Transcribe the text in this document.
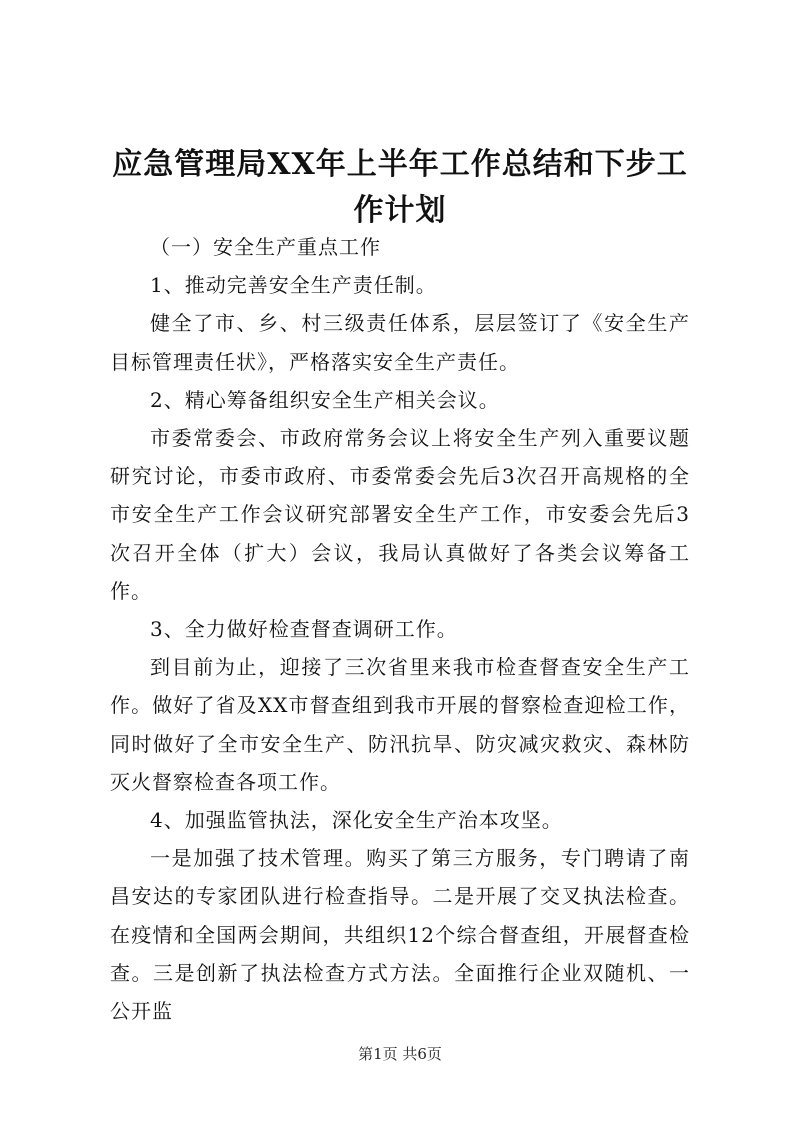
应急管理局XX年上半年工作总结和下步工作计划

（一）安全生产重点工作

1、推动完善安全生产责任制。

健全了市、乡、村三级责任体系，层层签订了《安全生产目标管理责任状》，严格落实安全生产责任。

2、精心筹备组织安全生产相关会议。

市委常委会、市政府常务会议上将安全生产列入重要议题研究讨论，市委市政府、市委常委会先后3次召开高规格的全市安全生产工作会议研究部署安全生产工作，市安委会先后3次召开全体（扩大）会议，我局认真做好了各类会议筹备工作。

3、全力做好检查督查调研工作。

到目前为止，迎接了三次省里来我市检查督查安全生产工作。做好了省及XX市督查组到我市开展的督察检查迎检工作，同时做好了全市安全生产、防汛抗旱、防灾减灾救灾、森林防灭火督察检查各项工作。

4、加强监管执法，深化安全生产治本攻坚。

一是加强了技术管理。购买了第三方服务，专门聘请了南昌安达的专家团队进行检查指导。二是开展了交叉执法检查。在疫情和全国两会期间，共组织12个综合督查组，开展督查检查。三是创新了执法检查方式方法。全面推行企业双随机、一公开监

第1页 共6页
